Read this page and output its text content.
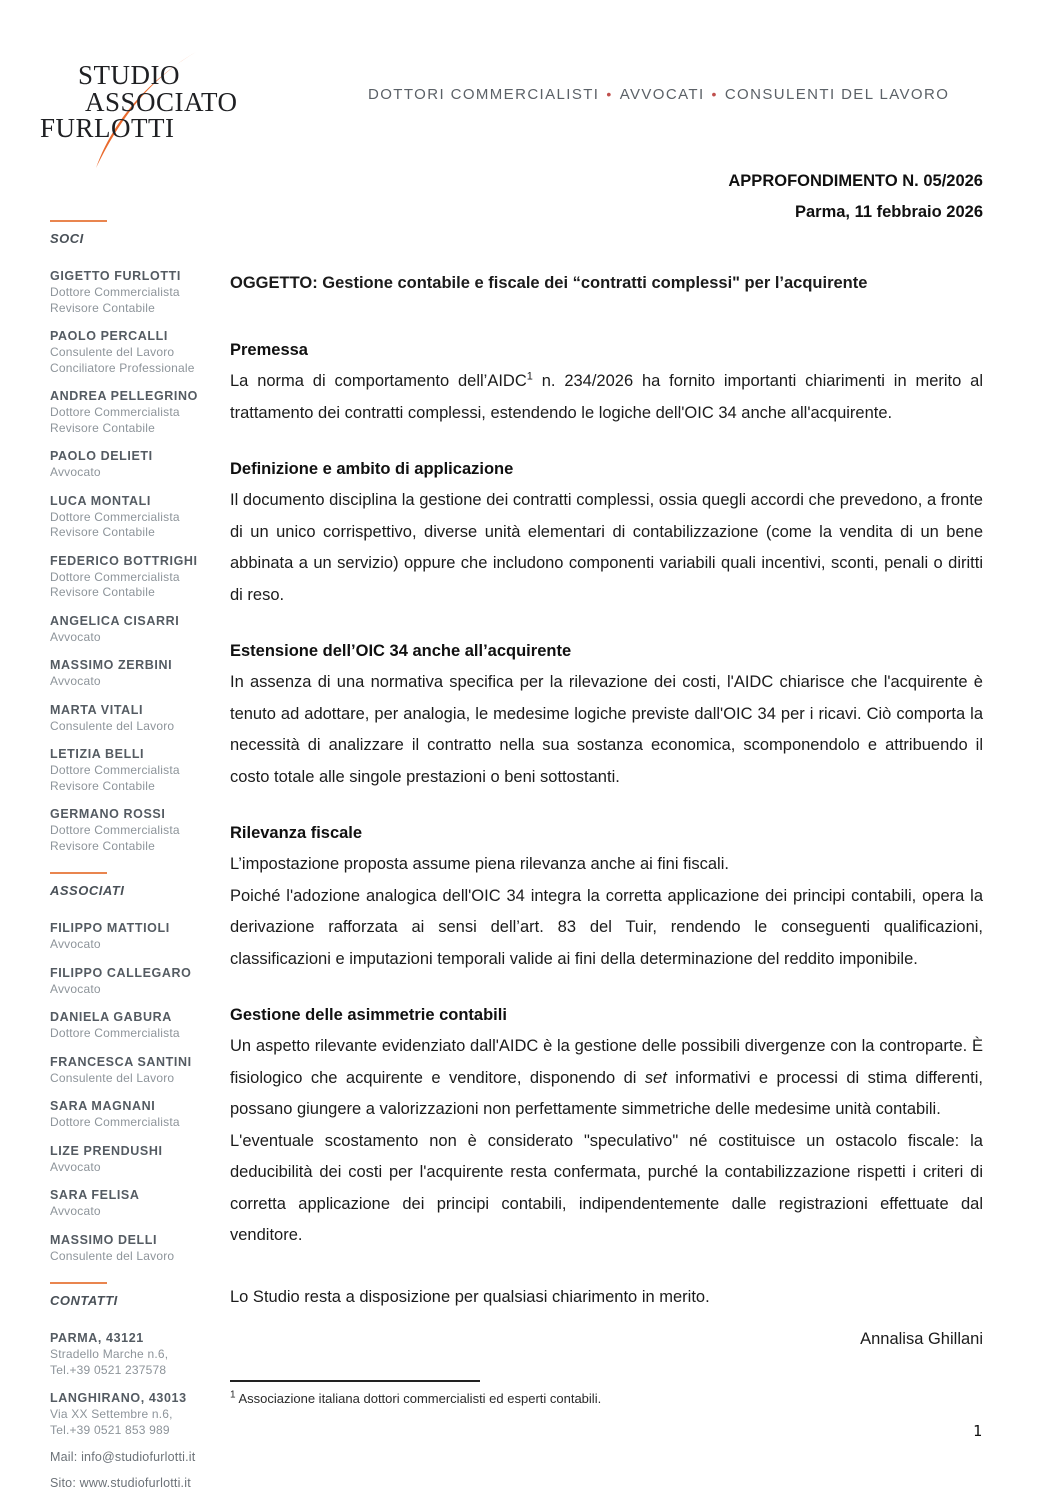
STUDIO
ASSOCIATO
FURLOTTI
DOTTORI COMMERCIALISTI • AVVOCATI • CONSULENTI DEL LAVORO
SOCI
GIGETTO FURLOTTI
Dottore Commercialista
Revisore Contabile
PAOLO PERCALLI
Consulente del Lavoro
Conciliatore Professionale
ANDREA PELLEGRINO
Dottore Commercialista
Revisore Contabile
PAOLO DELIETI
Avvocato
LUCA MONTALI
Dottore Commercialista
Revisore Contabile
FEDERICO BOTTRIGHI
Dottore Commercialista
Revisore Contabile
ANGELICA CISARRI
Avvocato
MASSIMO ZERBINI
Avvocato
MARTA VITALI
Consulente del Lavoro
LETIZIA BELLI
Dottore Commercialista
Revisore Contabile
GERMANO ROSSI
Dottore Commercialista
Revisore Contabile
ASSOCIATI
FILIPPO MATTIOLI
Avvocato
FILIPPO CALLEGARO
Avvocato
DANIELA GABURA
Dottore Commercialista
FRANCESCA SANTINI
Consulente del Lavoro
SARA MAGNANI
Dottore Commercialista
LIZE PRENDUSHI
Avvocato
SARA FELISA
Avvocato
MASSIMO DELLI
Consulente del Lavoro
CONTATTI
PARMA, 43121
Stradello Marche n.6,
Tel.+39 0521 237578
LANGHIRANO, 43013
Via XX Settembre n.6,
Tel.+39 0521 853 989
Mail: info@studiofurlotti.it
Sito: www.studiofurlotti.it
APPROFONDIMENTO N. 05/2026
Parma, 11 febbraio 2026

OGGETTO: Gestione contabile e fiscale dei “contratti complessi" per l’acquirente

Premessa

La norma di comportamento dell’AIDC$^1$ n. 234/2026 ha fornito importanti chiarimenti in merito al trattamento dei contratti complessi, estendendo le logiche dell'OIC 34 anche all'acquirente.

Definizione e ambito di applicazione

Il documento disciplina la gestione dei contratti complessi, ossia quegli accordi che prevedono, a fronte di un unico corrispettivo, diverse unità elementari di contabilizzazione (come la vendita di un bene abbinata a un servizio) oppure che includono componenti variabili quali incentivi, sconti, penali o diritti di reso.

Estensione dell’OIC 34 anche all’acquirente

In assenza di una normativa specifica per la rilevazione dei costi, l'AIDC chiarisce che l'acquirente è tenuto ad adottare, per analogia, le medesime logiche previste dall'OIC 34 per i ricavi. Ciò comporta la necessità di analizzare il contratto nella sua sostanza economica, scomponendolo e attribuendo il costo totale alle singole prestazioni o beni sottostanti.

Rilevanza fiscale

L’impostazione proposta assume piena rilevanza anche ai fini fiscali.

Poiché l'adozione analogica dell'OIC 34 integra la corretta applicazione dei principi contabili, opera la derivazione rafforzata ai sensi dell’art. 83 del Tuir, rendendo le conseguenti qualificazioni, classificazioni e imputazioni temporali valide ai fini della determinazione del reddito imponibile.

Gestione delle asimmetrie contabili

Un aspetto rilevante evidenziato dall'AIDC è la gestione delle possibili divergenze con la controparte. È fisiologico che acquirente e venditore, disponendo di set informativi e processi di stima differenti, possano giungere a valorizzazioni non perfettamente simmetriche delle medesime unità contabili.

L'eventuale scostamento non è considerato "speculativo" né costituisce un ostacolo fiscale: la deducibilità dei costi per l'acquirente resta confermata, purché la contabilizzazione rispetti i criteri di corretta applicazione dei principi contabili, indipendentemente dalle registrazioni effettuate dal venditore.

Lo Studio resta a disposizione per qualsiasi chiarimento in merito.

Annalisa Ghillani

$^1$ Associazione italiana dottori commercialisti ed esperti contabili.

1
